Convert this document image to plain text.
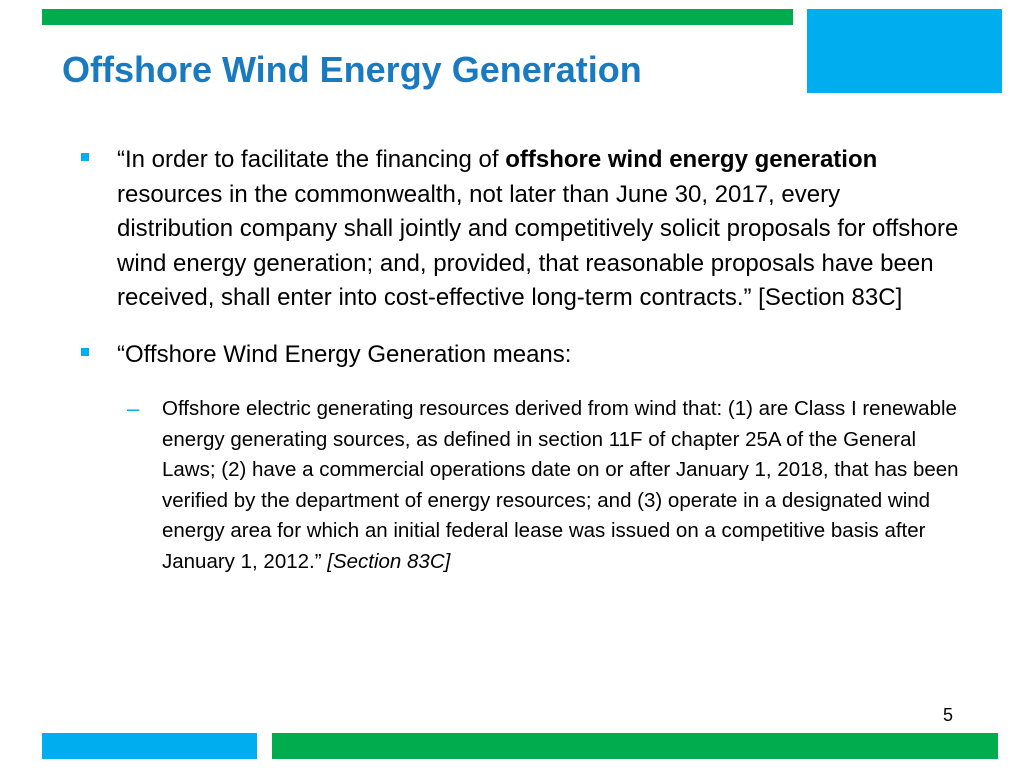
Offshore Wind Energy Generation
“In order to facilitate the financing of offshore wind energy generation resources in the commonwealth, not later than June 30, 2017, every distribution company shall jointly and competitively solicit proposals for offshore wind energy generation; and, provided, that reasonable proposals have been received, shall enter into cost-effective long-term contracts.” [Section 83C]
“Offshore Wind Energy Generation means:
– Offshore electric generating resources derived from wind that: (1) are Class I renewable energy generating sources, as defined in section 11F of chapter 25A of the General Laws; (2) have a commercial operations date on or after January 1, 2018, that has been verified by the department of energy resources; and (3) operate in a designated wind energy area for which an initial federal lease was issued on a competitive basis after January 1, 2012.” [Section 83C]
5
